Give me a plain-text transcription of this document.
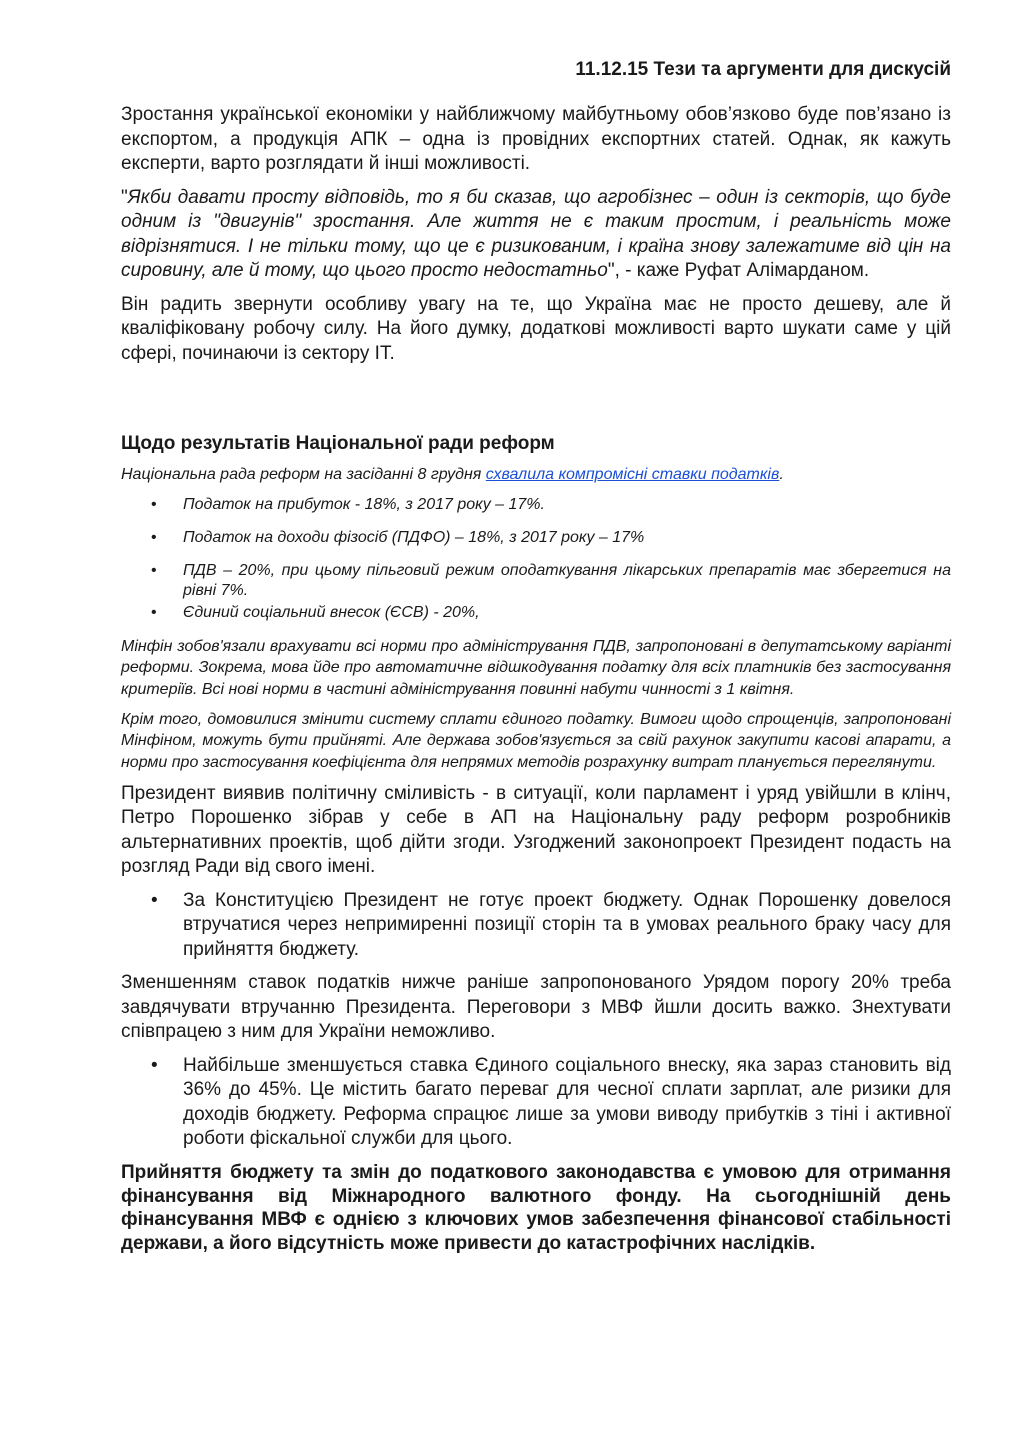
11.12.15 Тези та аргументи для дискусій

Зростання української економіки у найближчому майбутньому обов’язково буде пов’язано із експортом, а продукція АПК – одна із провідних експортних статей. Однак, як кажуть експерти, варто розглядати й інші можливості.

"Якби давати просту відповідь, то я би сказав, що агробізнес – один із секторів, що буде одним із "двигунів" зростання. Але життя не є таким простим, і реальність може відрізнятися. І не тільки тому, що це є ризикованим, і країна знову залежатиме від цін на сировину, але й тому, що цього просто недостатньо", - каже Руфат Алімарданом.

Він радить звернути особливу увагу на те, що Україна має не просто дешеву, але й кваліфіковану робочу силу. На його думку, додаткові можливості варто шукати саме у цій сфері, починаючи із сектору ІТ.

Щодо результатів Національної ради реформ

Національна рада реформ на засіданні 8 грудня схвалила компромісні ставки податків.

• Податок на прибуток - 18%, з 2017 року – 17%.
• Податок на доходи фізосіб (ПДФО) – 18%, з 2017 року – 17%
• ПДВ – 20%, при цьому пільговий режим оподаткування лікарських препаратів має збергетися на рівні 7%.
• Єдиний соціальний внесок (ЄСВ) - 20%,

Мінфін зобов'язали врахувати всі норми про адміністрування ПДВ, запропоновані в депутатському варіанті реформи. Зокрема, мова йде про автоматичне відшкодування податку для всіх платників без застосування критеріїв. Всі нові норми в частині адміністрування повинні набути чинності з 1 квітня.

Крім того, домовилися змінити систему сплати єдиного податку. Вимоги щодо спрощенців, запропоновані Мінфіном, можуть бути прийняті. Але держава зобов'язується за свій рахунок закупити касові апарати, а норми про застосування коефіцієнта для непрямих методів розрахунку витрат планується переглянути.

Президент виявив політичну сміливість - в ситуації, коли парламент і уряд увійшли в клінч, Петро Порошенко зібрав у себе в АП на Національну раду реформ розробників альтернативних проектів, щоб дійти згоди. Узгоджений законопроект Президент подасть на розгляд Ради від свого імені.

• За Конституцією Президент не готує проект бюджету. Однак Порошенку довелося втручатися через непримиренні позиції сторін та в умовах реального браку часу для прийняття бюджету.

Зменшенням ставок податків нижче раніше запропонованого Урядом порогу 20% треба завдячувати втручанню Президента. Переговори з МВФ йшли досить важко. Знехтувати співпрацею з ним для України неможливо.

• Найбільше зменшується ставка Єдиного соціального внеску, яка зараз становить від 36% до 45%. Це містить багато переваг для чесної сплати зарплат, але ризики для доходів бюджету. Реформа спрацює лише за умови виводу прибутків з тіні і активної роботи фіскальної служби для цього.

Прийняття бюджету та змін до податкового законодавства є умовою для отримання фінансування від Міжнародного валютного фонду. На сьогоднішній день фінансування МВФ є однією з ключових умов забезпечення фінансової стабільності держави, а його відсутність може привести до катастрофічних наслідків.
